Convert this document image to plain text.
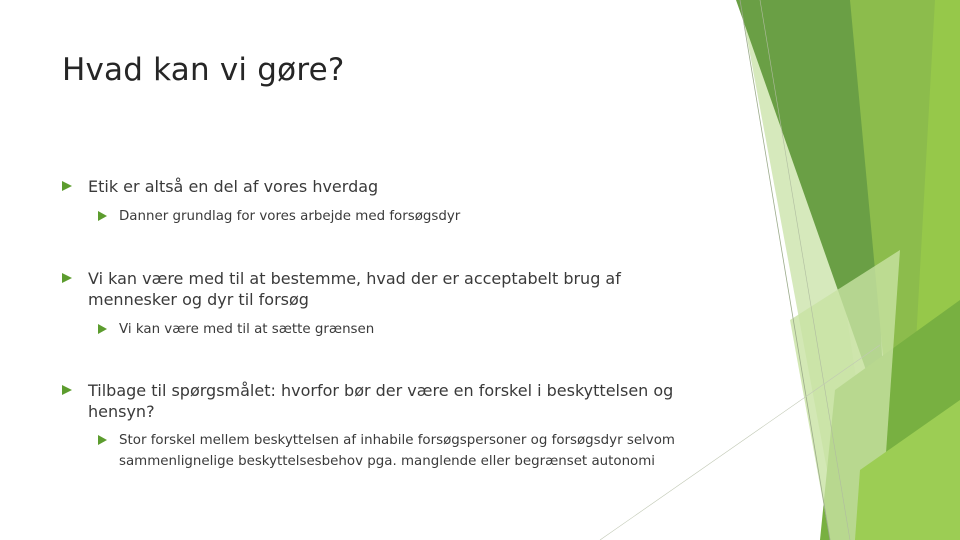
Hvad kan vi gøre?
Etik er altså en del af vores hverdag
Danner grundlag for vores arbejde med forsøgsdyr
Vi kan være med til at bestemme, hvad der er acceptabelt brug af mennesker og dyr til forsøg
Vi kan være med til at sætte grænsen
Tilbage til spørgsmålet: hvorfor bør der være en forskel i beskyttelsen og hensyn?
Stor forskel mellem beskyttelsen af inhabile forsøgspersoner og forsøgsdyr selvom sammenlignelige beskyttelsesbehov pga. manglende eller begrænset autonomi
